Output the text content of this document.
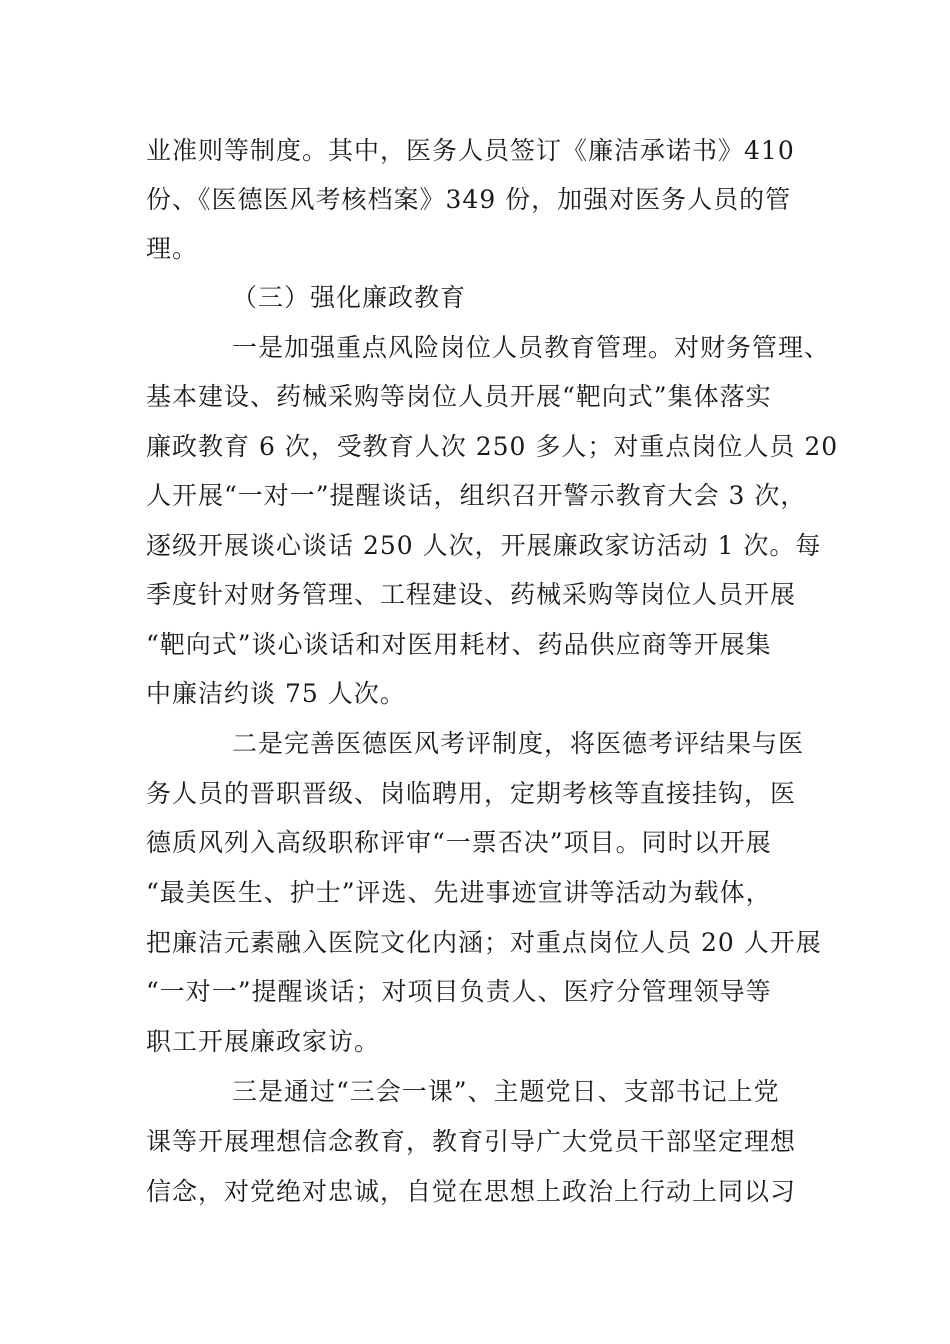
业准则等制度。其中，医务人员签订《廉洁承诺书》410
份、《医德医风考核档案》349 份，加强对医务人员的管
理。
（三）强化廉政教育
一是加强重点风险岗位人员教育管理。对财务管理、
基本建设、药械采购等岗位人员开展“靶向式”集体落实
廉政教育 6 次，受教育人次 250 多人；对重点岗位人员 20
人开展“一对一”提醒谈话，组织召开警示教育大会 3 次，
逐级开展谈心谈话 250 人次，开展廉政家访活动 1 次。每
季度针对财务管理、工程建设、药械采购等岗位人员开展
“靶向式”谈心谈话和对医用耗材、药品供应商等开展集
中廉洁约谈 75 人次。
二是完善医德医风考评制度，将医德考评结果与医
务人员的晋职晋级、岗临聘用，定期考核等直接挂钩，医
德质风列入高级职称评审“一票否决”项目。同时以开展
“最美医生、护士”评选、先进事迹宣讲等活动为载体，
把廉洁元素融入医院文化内涵；对重点岗位人员 20 人开展
“一对一”提醒谈话；对项目负责人、医疗分管理领导等
职工开展廉政家访。
三是通过“三会一课”、主题党日、支部书记上党
课等开展理想信念教育，教育引导广大党员干部坚定理想
信念，对党绝对忠诚，自觉在思想上政治上行动上同以习
